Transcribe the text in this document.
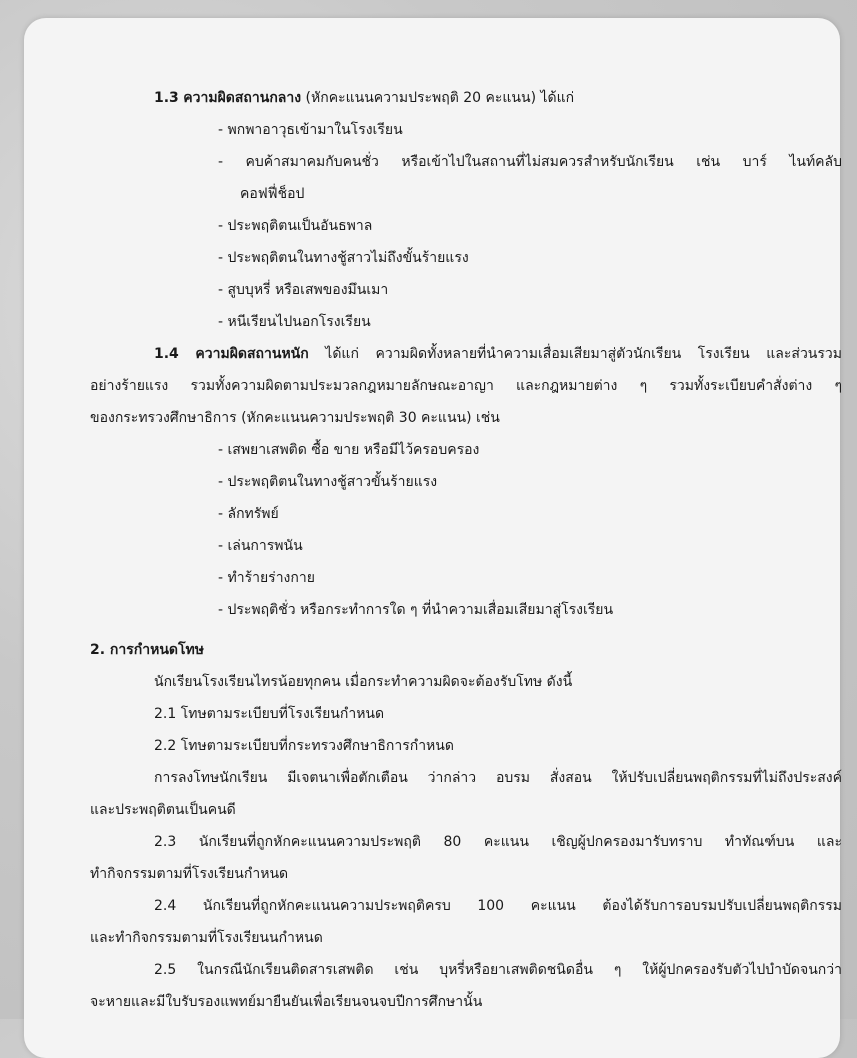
1.3 ความผิดสถานกลาง (หักคะแนนความประพฤติ 20 คะแนน) ได้แก่
- พกพาอาวุธเข้ามาในโรงเรียน
- คบค้าสมาคมกับคนชั่ว หรือเข้าไปในสถานที่ไม่สมควรสำหรับนักเรียน เช่น บาร์ ไนท์คลับ
คอฟฟี่ช็อป
- ประพฤติตนเป็นอันธพาล
- ประพฤติตนในทางชู้สาวไม่ถึงขั้นร้ายแรง
- สูบบุหรี่ หรือเสพของมึนเมา
- หนีเรียนไปนอกโรงเรียน
1.4 ความผิดสถานหนัก ได้แก่ ความผิดทั้งหลายที่นำความเสื่อมเสียมาสู่ตัวนักเรียน โรงเรียน และส่วนรวม
อย่างร้ายแรง รวมทั้งความผิดตามประมวลกฎหมายลักษณะอาญา และกฎหมายต่าง ๆ รวมทั้งระเบียบคำสั่งต่าง ๆ
ของกระทรวงศึกษาธิการ (หักคะแนนความประพฤติ 30 คะแนน) เช่น
- เสพยาเสพติด ซื้อ ขาย หรือมีไว้ครอบครอง
- ประพฤติตนในทางชู้สาวขั้นร้ายแรง
- ลักทรัพย์
- เล่นการพนัน
- ทำร้ายร่างกาย
- ประพฤติชั่ว หรือกระทำการใด ๆ ที่นำความเสื่อมเสียมาสู่โรงเรียน
2. การกำหนดโทษ
นักเรียนโรงเรียนไทรน้อยทุกคน เมื่อกระทำความผิดจะต้องรับโทษ ดังนี้
2.1 โทษตามระเบียบที่โรงเรียนกำหนด
2.2 โทษตามระเบียบที่กระทรวงศึกษาธิการกำหนด
การลงโทษนักเรียน มีเจตนาเพื่อตักเตือน ว่ากล่าว อบรม สั่งสอน ให้ปรับเปลี่ยนพฤติกรรมที่ไม่ถึงประสงค์
และประพฤติตนเป็นคนดี
2.3 นักเรียนที่ถูกหักคะแนนความประพฤติ 80 คะแนน เชิญผู้ปกครองมารับทราบ ทำทัณฑ์บน และ
ทำกิจกรรมตามที่โรงเรียนกำหนด
2.4 นักเรียนที่ถูกหักคะแนนความประพฤติครบ 100 คะแนน ต้องได้รับการอบรมปรับเปลี่ยนพฤติกรรม
และทำกิจกรรมตามที่โรงเรียนนกำหนด
2.5 ในกรณีนักเรียนติดสารเสพติด เช่น บุหรี่หรือยาเสพติดชนิดอื่น ๆ ให้ผู้ปกครองรับตัวไปบำบัดจนกว่า
จะหายและมีใบรับรองแพทย์มายืนยันเพื่อเรียนจนจบปีการศึกษานั้น
